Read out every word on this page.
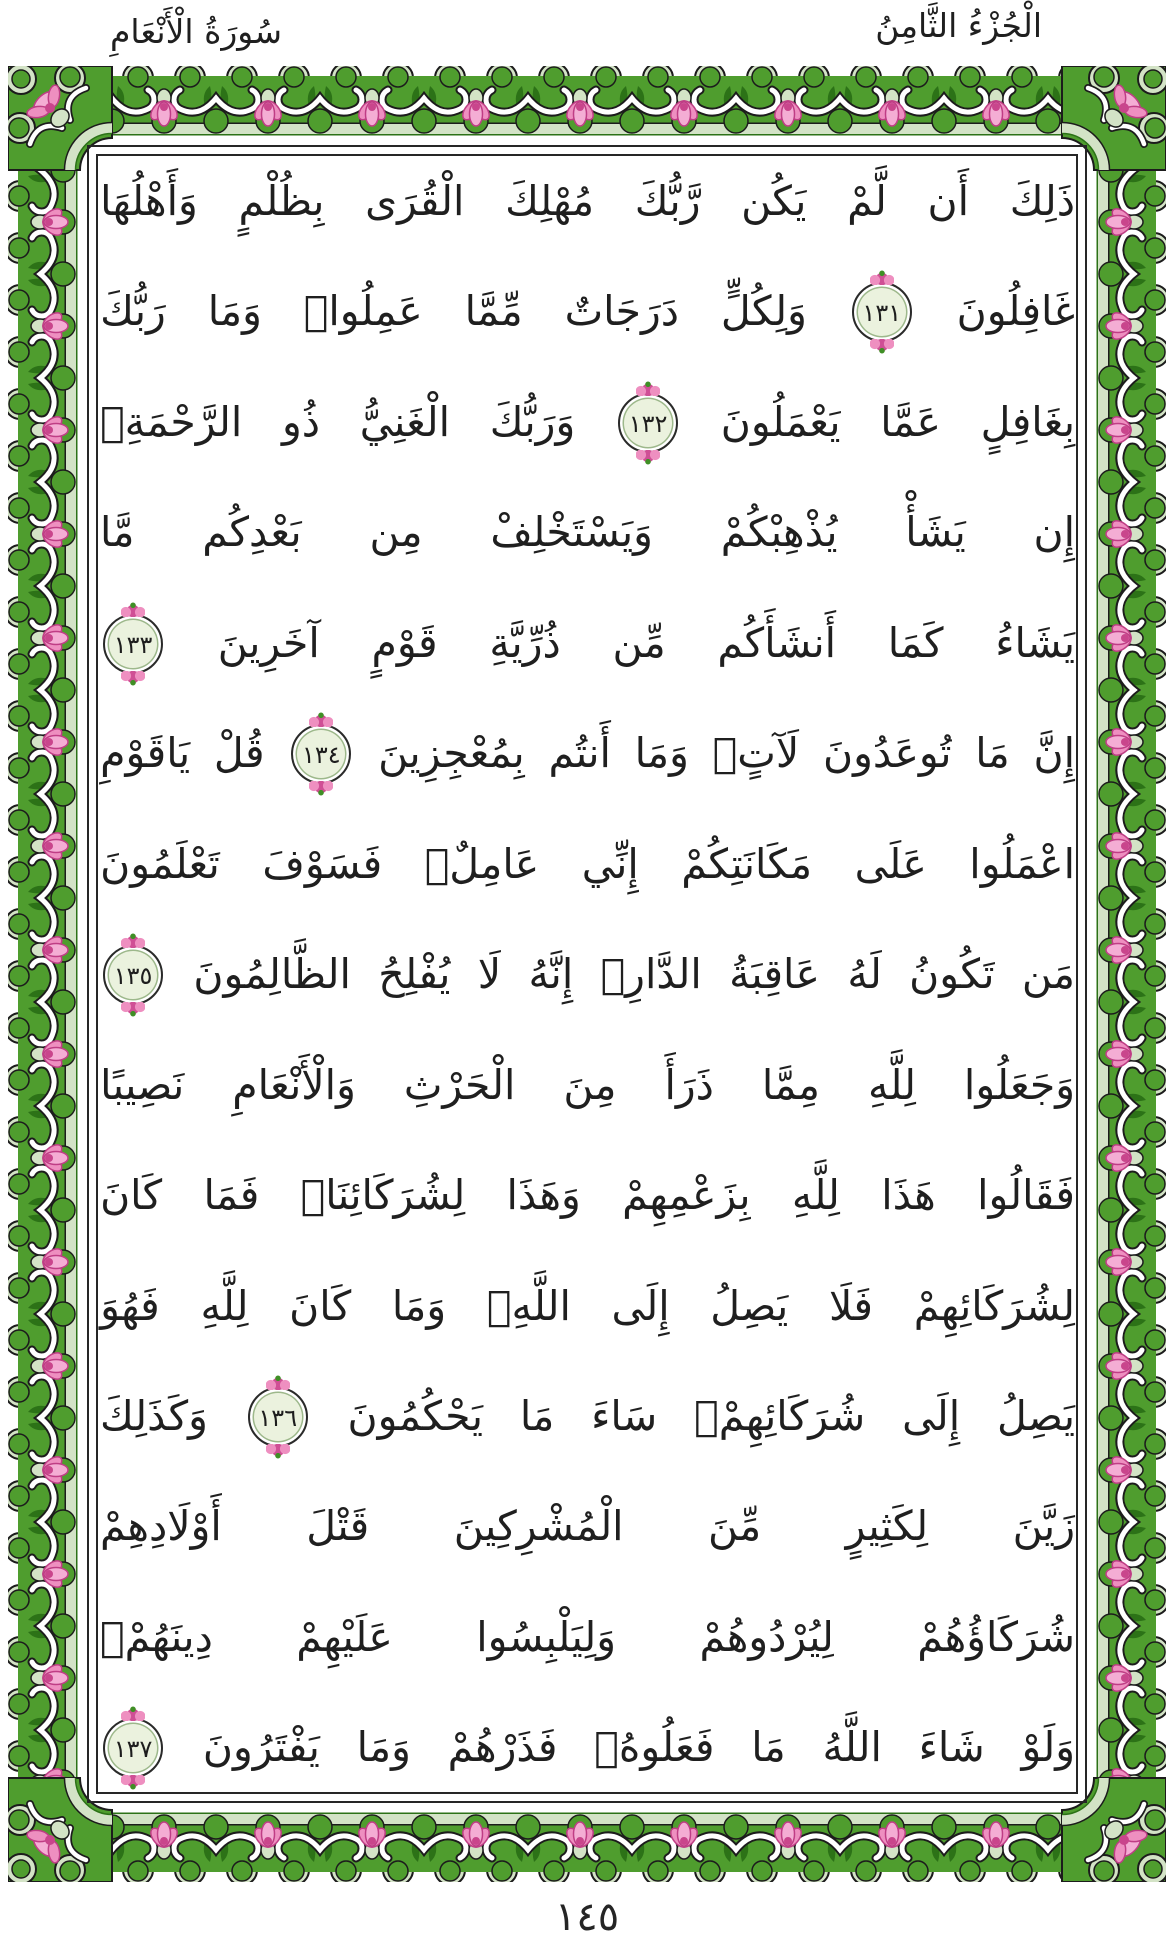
الْجُزْءُ الثَّامِنُ
سُورَةُ الْأَنْعَامِ
ذَلِكَ
أَن
لَّمْ
يَكُن
رَّبُّكَ
مُهْلِكَ
الْقُرَى
بِظُلْمٍ
وَأَهْلُهَا
غَافِلُونَ
١٣١
وَلِكُلٍّ
دَرَجَاتٌ
مِّمَّا
عَمِلُواۚ
وَمَا
رَبُّكَ
بِغَافِلٍ
عَمَّا
يَعْمَلُونَ
١٣٢
وَرَبُّكَ
الْغَنِيُّ
ذُو
الرَّحْمَةِۚ
إِن
يَشَأْ
يُذْهِبْكُمْ
وَيَسْتَخْلِفْ
مِن
بَعْدِكُم
مَّا
يَشَاءُ
كَمَا
أَنشَأَكُم
مِّن
ذُرِّيَّةِ
قَوْمٍ
آخَرِينَ
١٣٣
إِنَّ
مَا
تُوعَدُونَ
لَآتٍۖ
وَمَا
أَنتُم
بِمُعْجِزِينَ
١٣٤
قُلْ
يَاقَوْمِ
اعْمَلُوا
عَلَى
مَكَانَتِكُمْ
إِنِّي
عَامِلٌۖ
فَسَوْفَ
تَعْلَمُونَ
مَن
تَكُونُ
لَهُ
عَاقِبَةُ
الدَّارِۚ
إِنَّهُ
لَا
يُفْلِحُ
الظَّالِمُونَ
١٣٥
وَجَعَلُوا
لِلَّهِ
مِمَّا
ذَرَأَ
مِنَ
الْحَرْثِ
وَالْأَنْعَامِ
نَصِيبًا
فَقَالُوا
هَذَا
لِلَّهِ
بِزَعْمِهِمْ
وَهَذَا
لِشُرَكَائِنَاۖ
فَمَا
كَانَ
لِشُرَكَائِهِمْ
فَلَا
يَصِلُ
إِلَى
اللَّهِۖ
وَمَا
كَانَ
لِلَّهِ
فَهُوَ
يَصِلُ
إِلَى
شُرَكَائِهِمْۗ
سَاءَ
مَا
يَحْكُمُونَ
١٣٦
وَكَذَلِكَ
زَيَّنَ
لِكَثِيرٍ
مِّنَ
الْمُشْرِكِينَ
قَتْلَ
أَوْلَادِهِمْ
شُرَكَاؤُهُمْ
لِيُرْدُوهُمْ
وَلِيَلْبِسُوا
عَلَيْهِمْ
دِينَهُمْۖ
وَلَوْ
شَاءَ
اللَّهُ
مَا
فَعَلُوهُۖ
فَذَرْهُمْ
وَمَا
يَفْتَرُونَ
١٣٧
١٤٥
